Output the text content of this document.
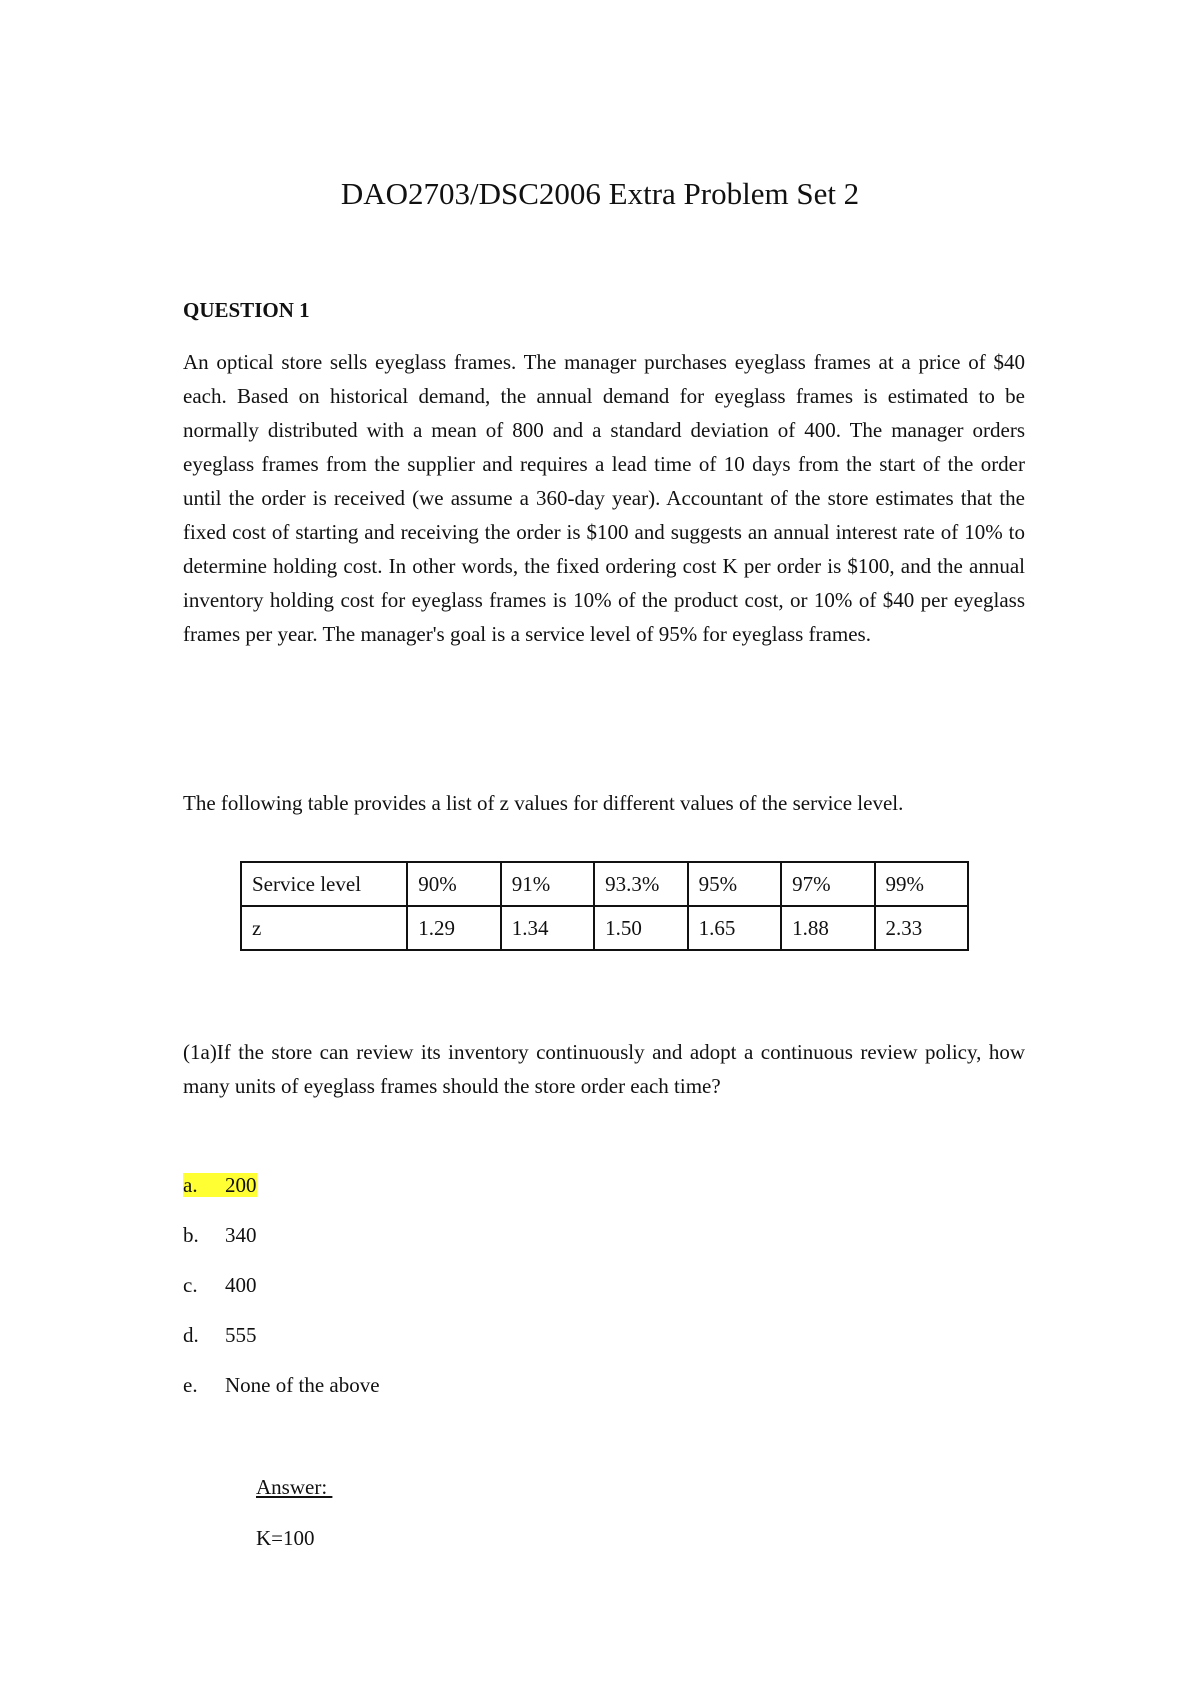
DAO2703/DSC2006 Extra Problem Set 2
QUESTION 1
An optical store sells eyeglass frames. The manager purchases eyeglass frames at a price of $40 each. Based on historical demand, the annual demand for eyeglass frames is estimated to be normally distributed with a mean of 800 and a standard deviation of 400. The manager orders eyeglass frames from the supplier and requires a lead time of 10 days from the start of the order until the order is received (we assume a 360-day year). Accountant of the store estimates that the fixed cost of starting and receiving the order is $100 and suggests an annual interest rate of 10% to determine holding cost. In other words, the fixed ordering cost K per order is $100, and the annual inventory holding cost for eyeglass frames is 10% of the product cost, or 10% of $40 per eyeglass frames per year. The manager's goal is a service level of 95% for eyeglass frames.
The following table provides a list of z values for different values of the service level.
Service level	90%	91%	93.3%	95%	97%	99%
z	1.29	1.34	1.50	1.65	1.88	2.33
(1a)If the store can review its inventory continuously and adopt a continuous review policy, how many units of eyeglass frames should the store order each time?
a. 200
b. 340
c. 400
d. 555
e. None of the above
Answer:
K=100
